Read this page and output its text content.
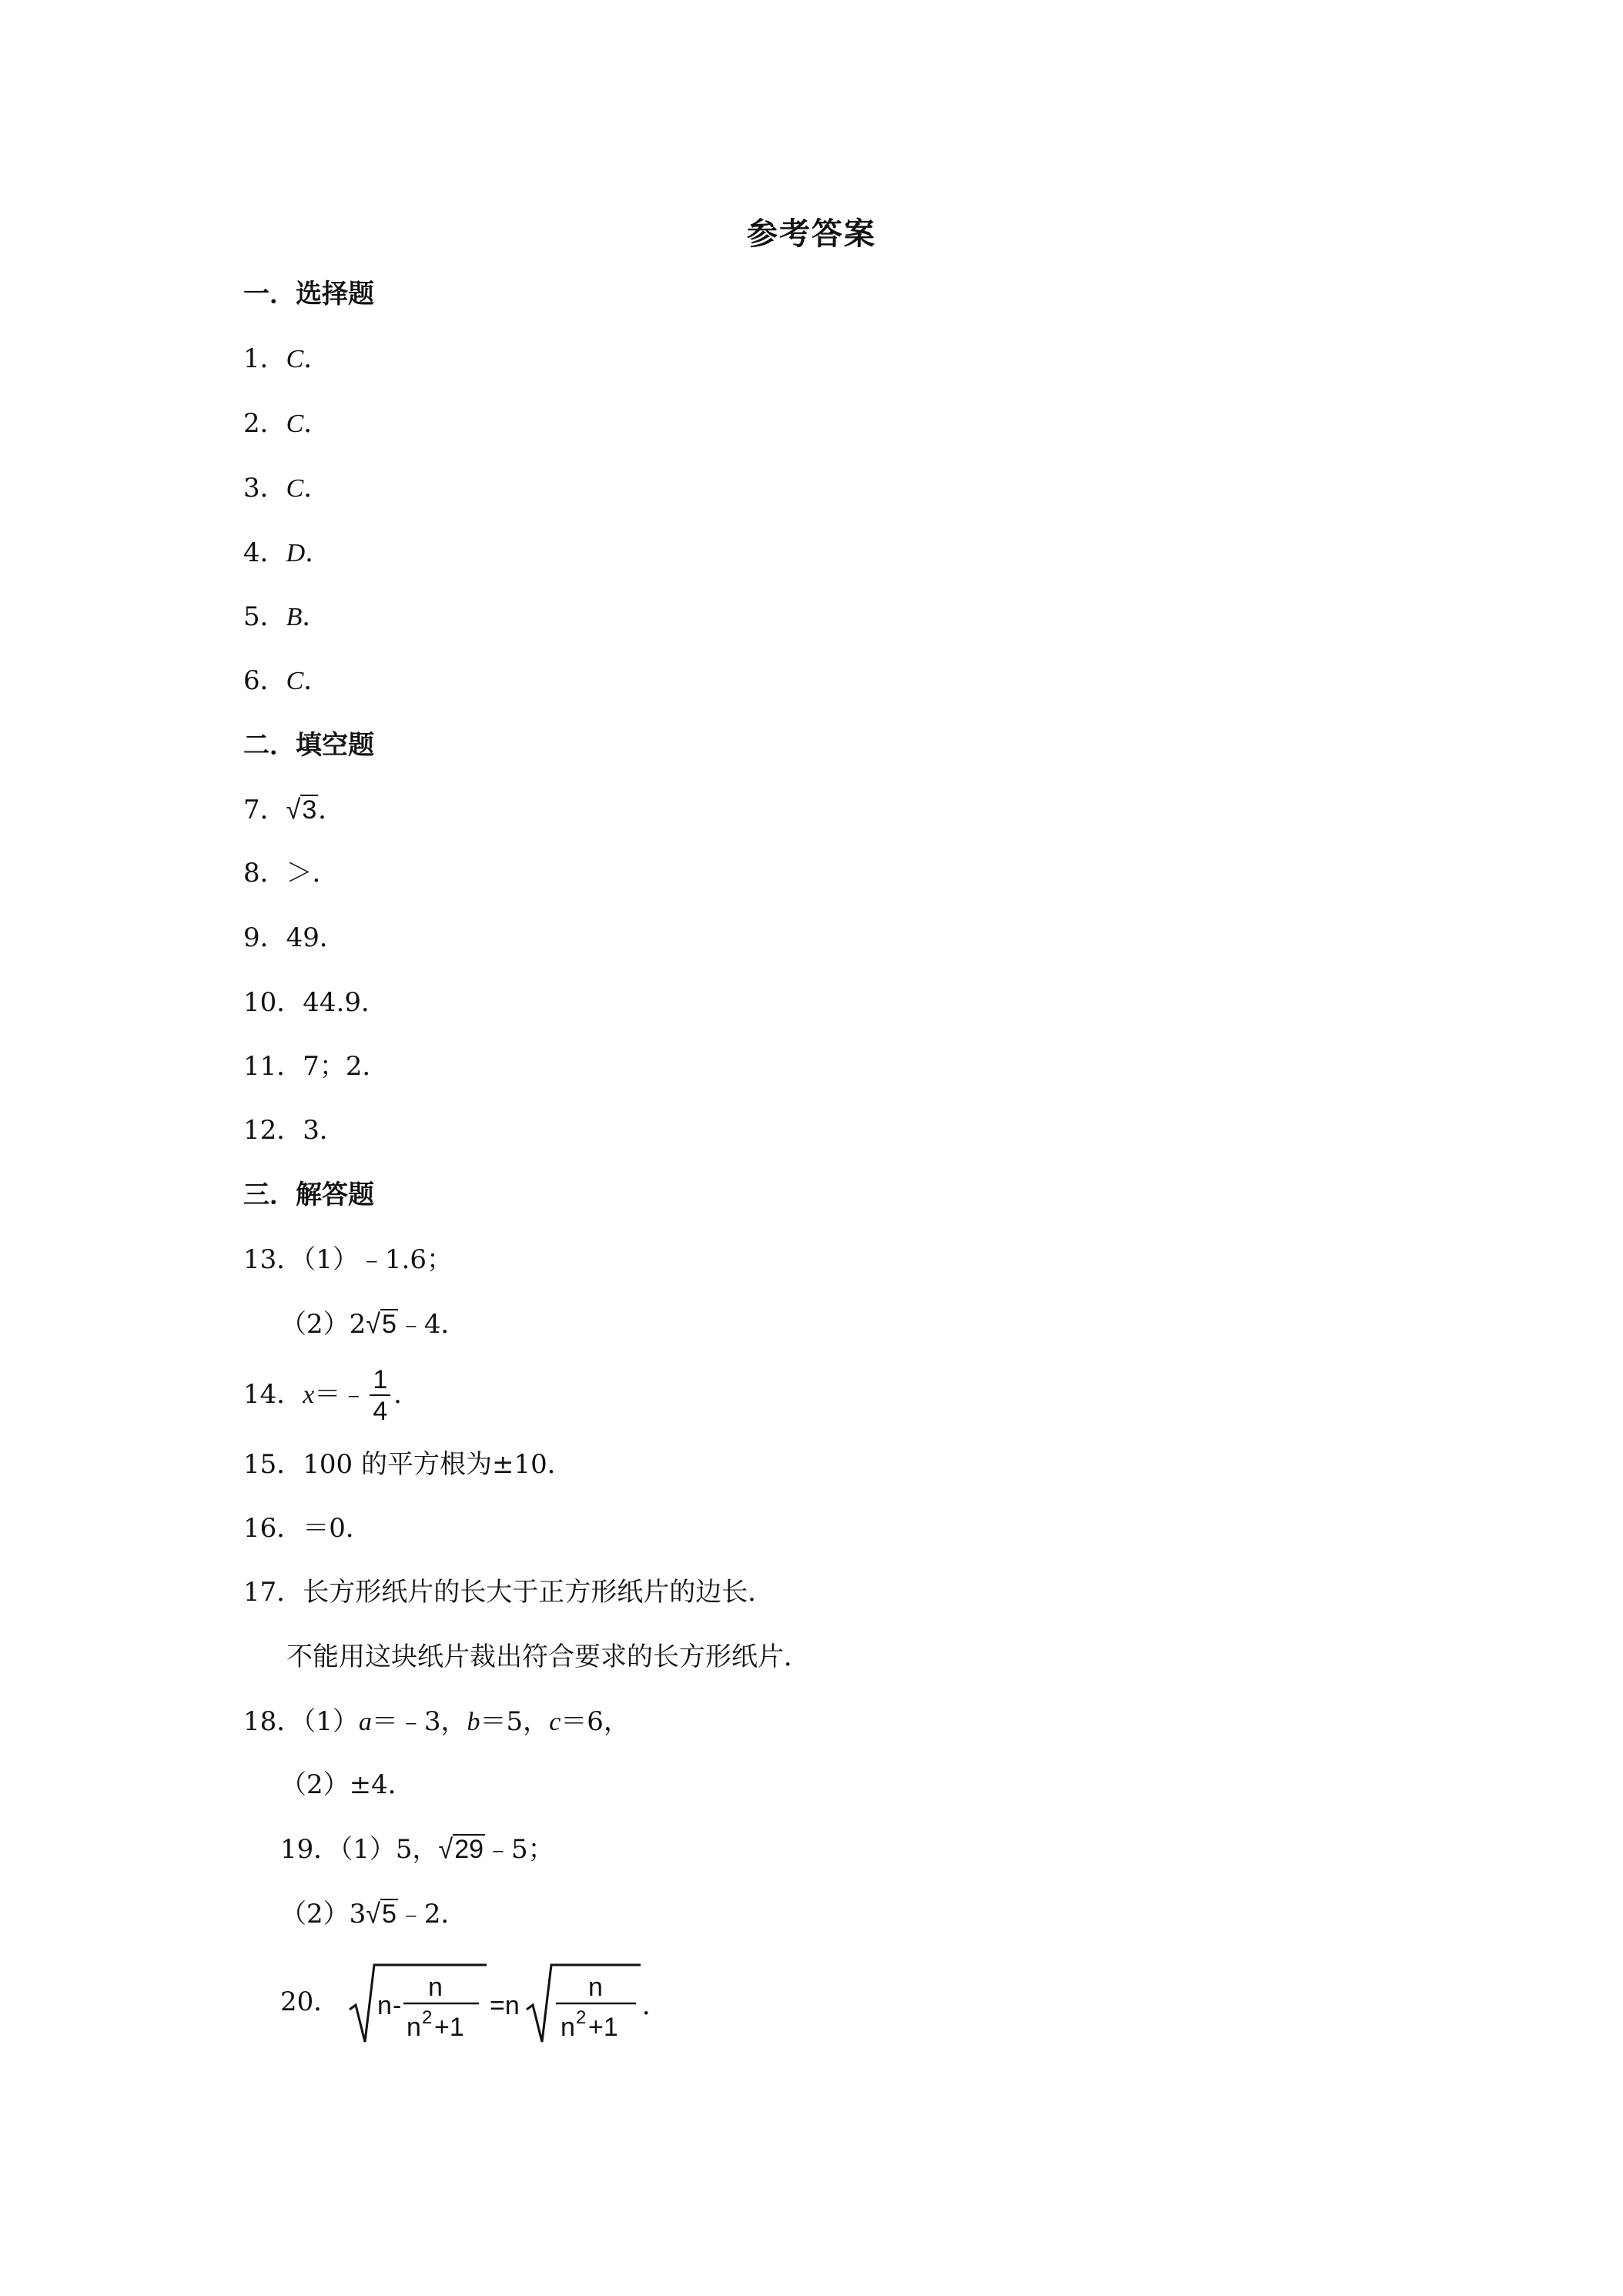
参考答案
一．选择题
1．C．
2．C．
3．C．
4．D．
5．B．
6．C．
二．填空题
7．√3．
8．＞．
9．49．
10．44.9．
11．7；2．
12．3．
三．解答题
13．（1）﹣1.6；
（2）2√5﹣4．
14．x＝﹣ $\frac{1}{4}$ ．
15．100 的平方根为±10．
16．＝0．
17．长方形纸片的长大于正方形纸片的边长．
不能用这块纸片裁出符合要求的长方形纸片．
18．（1）a＝﹣3，b＝5，c＝6，
（2）±4．
19．（1）5，√29﹣5；
（2）3√5﹣2．
20． n -
n
n 2 +1
=n
n
n 2 +1
．
